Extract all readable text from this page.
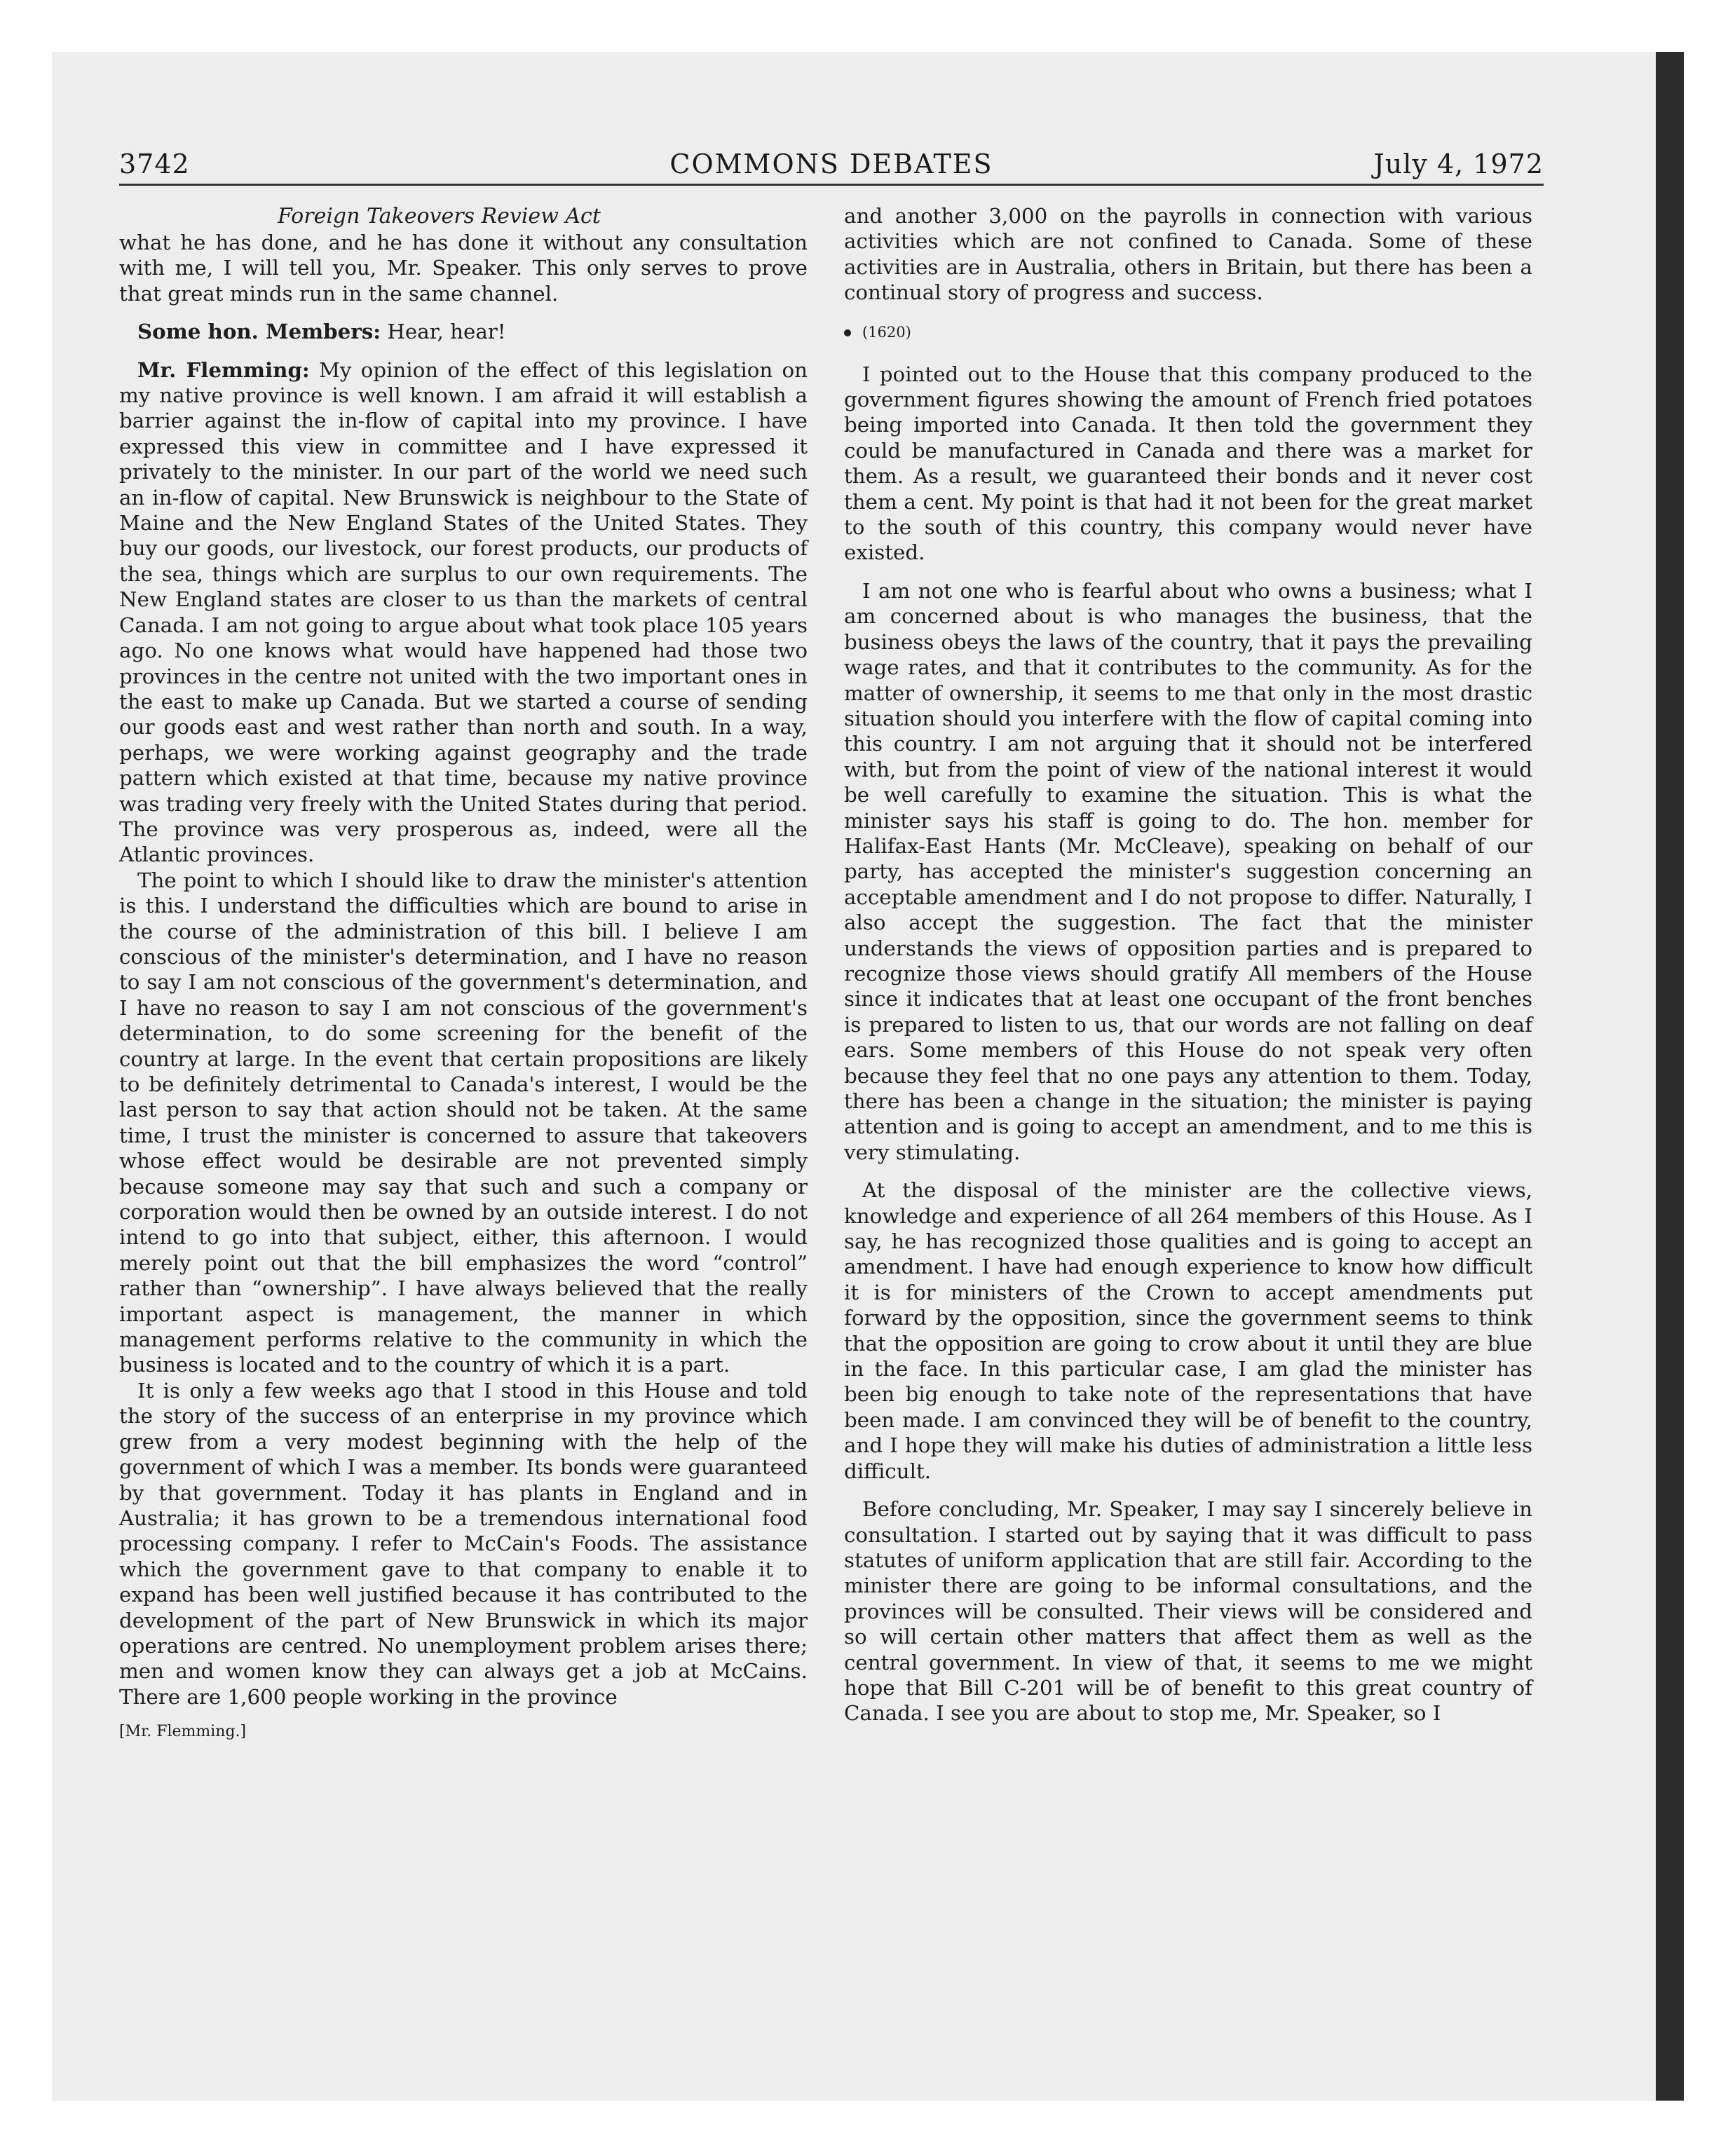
3742	COMMONS DEBATES	July 4, 1972

Foreign Takeovers Review Act

what he has done, and he has done it without any consultation with me, I will tell you, Mr. Speaker. This only serves to prove that great minds run in the same channel.

Some hon. Members: Hear, hear!

Mr. Flemming: My opinion of the effect of this legislation on my native province is well known. I am afraid it will establish a barrier against the in-flow of capital into my province. I have expressed this view in committee and I have expressed it privately to the minister. In our part of the world we need such an in-flow of capital. New Brunswick is neighbour to the State of Maine and the New England States of the United States. They buy our goods, our livestock, our forest products, our products of the sea, things which are surplus to our own requirements. The New England states are closer to us than the markets of central Canada. I am not going to argue about what took place 105 years ago. No one knows what would have happened had those two provinces in the centre not united with the two important ones in the east to make up Canada. But we started a course of sending our goods east and west rather than north and south. In a way, perhaps, we were working against geography and the trade pattern which existed at that time, because my native province was trading very freely with the United States during that period. The province was very prosperous as, indeed, were all the Atlantic provinces.

The point to which I should like to draw the minister's attention is this. I understand the difficulties which are bound to arise in the course of the administration of this bill. I believe I am conscious of the minister's determination, and I have no reason to say I am not conscious of the government's determination, and I have no reason to say I am not conscious of the government's determination, to do some screening for the benefit of the country at large. In the event that certain propositions are likely to be definitely detrimental to Canada's interest, I would be the last person to say that action should not be taken. At the same time, I trust the minister is concerned to assure that takeovers whose effect would be desirable are not prevented simply because someone may say that such and such a company or corporation would then be owned by an outside interest. I do not intend to go into that subject, either, this afternoon. I would merely point out that the bill emphasizes the word “control” rather than “ownership”. I have always believed that the really important aspect is management, the manner in which management performs relative to the community in which the business is located and to the country of which it is a part.

It is only a few weeks ago that I stood in this House and told the story of the success of an enterprise in my province which grew from a very modest beginning with the help of the government of which I was a member. Its bonds were guaranteed by that government. Today it has plants in England and in Australia; it has grown to be a tremendous international food processing company. I refer to McCain's Foods. The assistance which the government gave to that company to enable it to expand has been well justified because it has contributed to the development of the part of New Brunswick in which its major operations are centred. No unemployment problem arises there; men and women know they can always get a job at McCains. There are 1,600 people working in the province

[Mr. Flemming.]

and another 3,000 on the payrolls in connection with various activities which are not confined to Canada. Some of these activities are in Australia, others in Britain, but there has been a continual story of progress and success.

(1620)

I pointed out to the House that this company produced to the government figures showing the amount of French fried potatoes being imported into Canada. It then told the government they could be manufactured in Canada and there was a market for them. As a result, we guaranteed their bonds and it never cost them a cent. My point is that had it not been for the great market to the south of this country, this company would never have existed.

I am not one who is fearful about who owns a business; what I am concerned about is who manages the business, that the business obeys the laws of the country, that it pays the prevailing wage rates, and that it contributes to the community. As for the matter of ownership, it seems to me that only in the most drastic situation should you interfere with the flow of capital coming into this country. I am not arguing that it should not be interfered with, but from the point of view of the national interest it would be well carefully to examine the situation. This is what the minister says his staff is going to do. The hon. member for Halifax-East Hants (Mr. McCleave), speaking on behalf of our party, has accepted the minister's suggestion concerning an acceptable amendment and I do not propose to differ. Naturally, I also accept the suggestion. The fact that the minister understands the views of opposition parties and is prepared to recognize those views should gratify All members of the House since it indicates that at least one occupant of the front benches is prepared to listen to us, that our words are not falling on deaf ears. Some members of this House do not speak very often because they feel that no one pays any attention to them. Today, there has been a change in the situation; the minister is paying attention and is going to accept an amendment, and to me this is very stimulating.

At the disposal of the minister are the collective views, knowledge and experience of all 264 members of this House. As I say, he has recognized those qualities and is going to accept an amendment. I have had enough experience to know how difficult it is for ministers of the Crown to accept amendments put forward by the opposition, since the government seems to think that the opposition are going to crow about it until they are blue in the face. In this particular case, I am glad the minister has been big enough to take note of the representations that have been made. I am convinced they will be of benefit to the country, and I hope they will make his duties of administration a little less difficult.

Before concluding, Mr. Speaker, I may say I sincerely believe in consultation. I started out by saying that it was difficult to pass statutes of uniform application that are still fair. According to the minister there are going to be informal consultations, and the provinces will be consulted. Their views will be considered and so will certain other matters that affect them as well as the central government. In view of that, it seems to me we might hope that Bill C-201 will be of benefit to this great country of Canada. I see you are about to stop me, Mr. Speaker, so I
